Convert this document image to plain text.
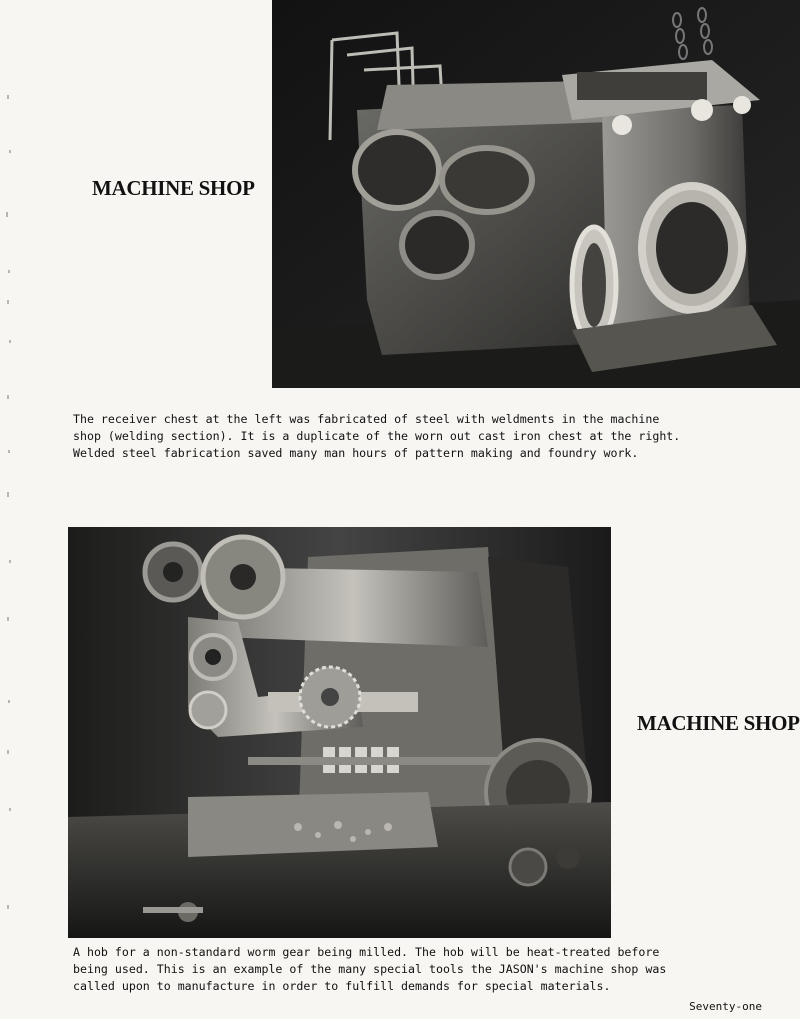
MACHINE SHOP
The receiver chest at the left was fabricated of steel with weldments in the machine
shop (welding section). It is a duplicate of the worn out cast iron chest at the right.
Welded steel fabrication saved many man hours of pattern making and foundry work.
MACHINE SHOP
A hob for a non-standard worm gear being milled. The hob will be heat-treated before
being used. This is an example of the many special tools the JASON's machine shop was
called upon to manufacture in order to fulfill demands for special materials.
Seventy-one
